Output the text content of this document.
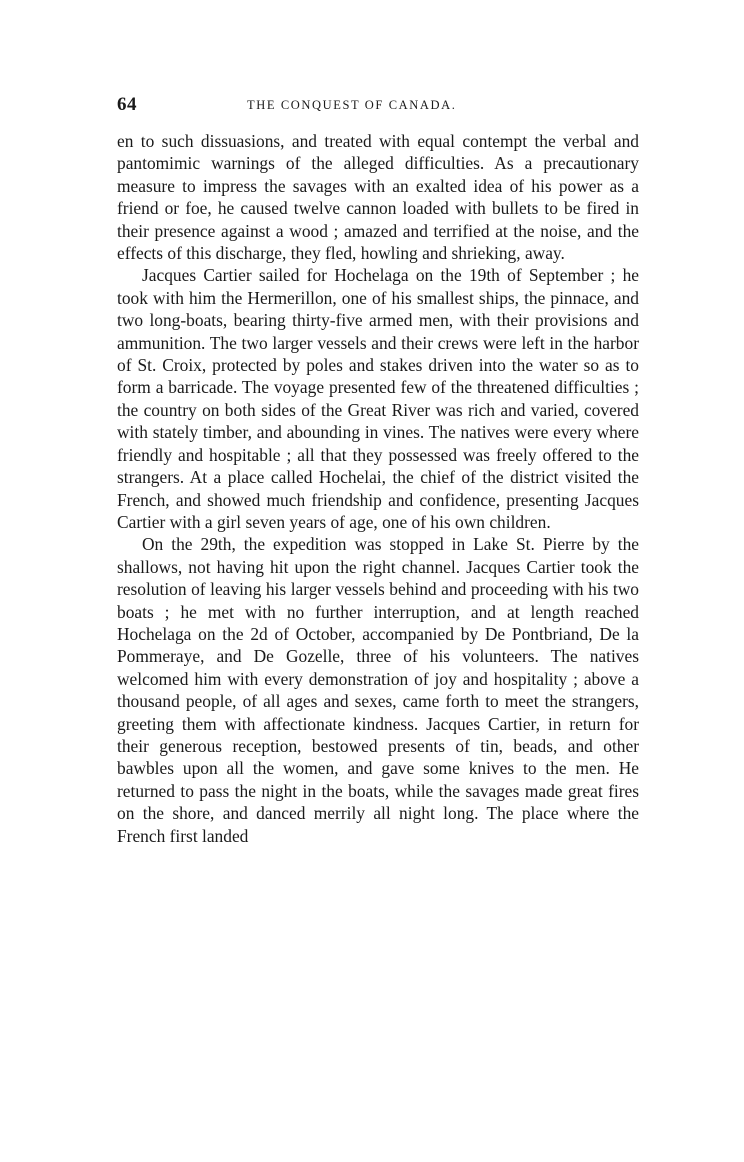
64	THE CONQUEST OF CANADA.

en to such dissuasions, and treated with equal contempt the verbal and pantomimic warnings of the alleged difficulties. As a precautionary measure to impress the savages with an exalted idea of his power as a friend or foe, he caused twelve cannon loaded with bullets to be fired in their presence against a wood ; amazed and terrified at the noise, and the effects of this discharge, they fled, howling and shrieking, away.

Jacques Cartier sailed for Hochelaga on the 19th of September ; he took with him the Hermerillon, one of his smallest ships, the pinnace, and two long-boats, bearing thirty-five armed men, with their provisions and ammunition. The two larger vessels and their crews were left in the harbor of St. Croix, protected by poles and stakes driven into the water so as to form a barricade. The voyage presented few of the threatened difficulties ; the country on both sides of the Great River was rich and varied, covered with stately timber, and abounding in vines. The natives were every where friendly and hospitable ; all that they possessed was freely offered to the strangers. At a place called Hochelai, the chief of the district visited the French, and showed much friendship and confidence, presenting Jacques Cartier with a girl seven years of age, one of his own children.

On the 29th, the expedition was stopped in Lake St. Pierre by the shallows, not having hit upon the right channel. Jacques Cartier took the resolution of leaving his larger vessels behind and proceeding with his two boats ; he met with no further interruption, and at length reached Hochelaga on the 2d of October, accompanied by De Pontbriand, De la Pommeraye, and De Gozelle, three of his volunteers. The natives welcomed him with every demonstration of joy and hospitality ; above a thousand people, of all ages and sexes, came forth to meet the strangers, greeting them with affectionate kindness. Jacques Cartier, in return for their generous reception, bestowed presents of tin, beads, and other bawbles upon all the women, and gave some knives to the men. He returned to pass the night in the boats, while the savages made great fires on the shore, and danced merrily all night long. The place where the French first landed
